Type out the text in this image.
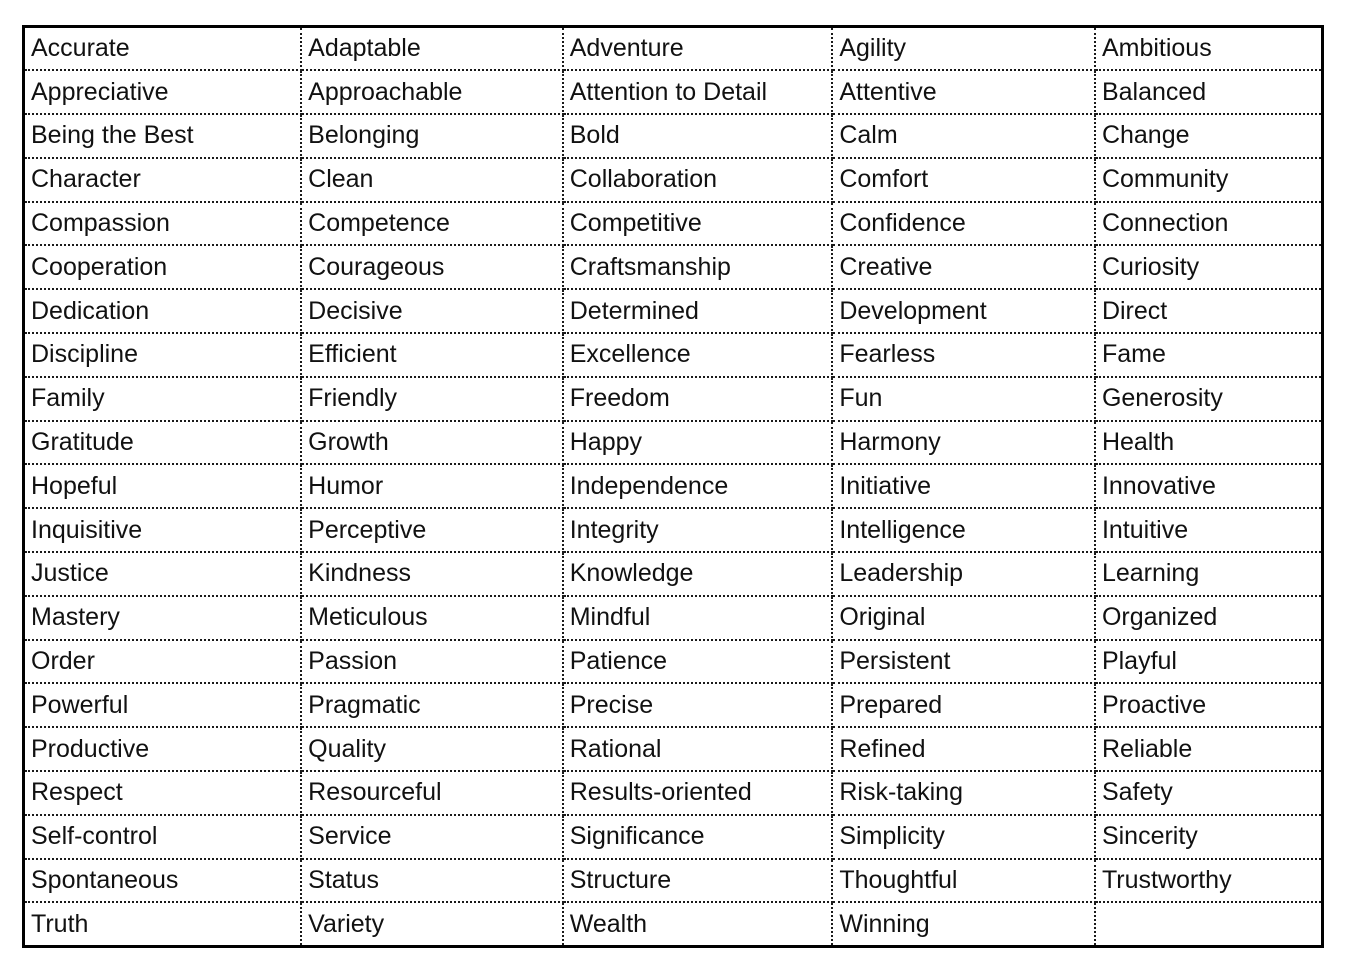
Accurate	Adaptable	Adventure	Agility	Ambitious
Appreciative	Approachable	Attention to Detail	Attentive	Balanced
Being the Best	Belonging	Bold	Calm	Change
Character	Clean	Collaboration	Comfort	Community
Compassion	Competence	Competitive	Confidence	Connection
Cooperation	Courageous	Craftsmanship	Creative	Curiosity
Dedication	Decisive	Determined	Development	Direct
Discipline	Efficient	Excellence	Fearless	Fame
Family	Friendly	Freedom	Fun	Generosity
Gratitude	Growth	Happy	Harmony	Health
Hopeful	Humor	Independence	Initiative	Innovative
Inquisitive	Perceptive	Integrity	Intelligence	Intuitive
Justice	Kindness	Knowledge	Leadership	Learning
Mastery	Meticulous	Mindful	Original	Organized
Order	Passion	Patience	Persistent	Playful
Powerful	Pragmatic	Precise	Prepared	Proactive
Productive	Quality	Rational	Refined	Reliable
Respect	Resourceful	Results-oriented	Risk-taking	Safety
Self-control	Service	Significance	Simplicity	Sincerity
Spontaneous	Status	Structure	Thoughtful	Trustworthy
Truth	Variety	Wealth	Winning	
